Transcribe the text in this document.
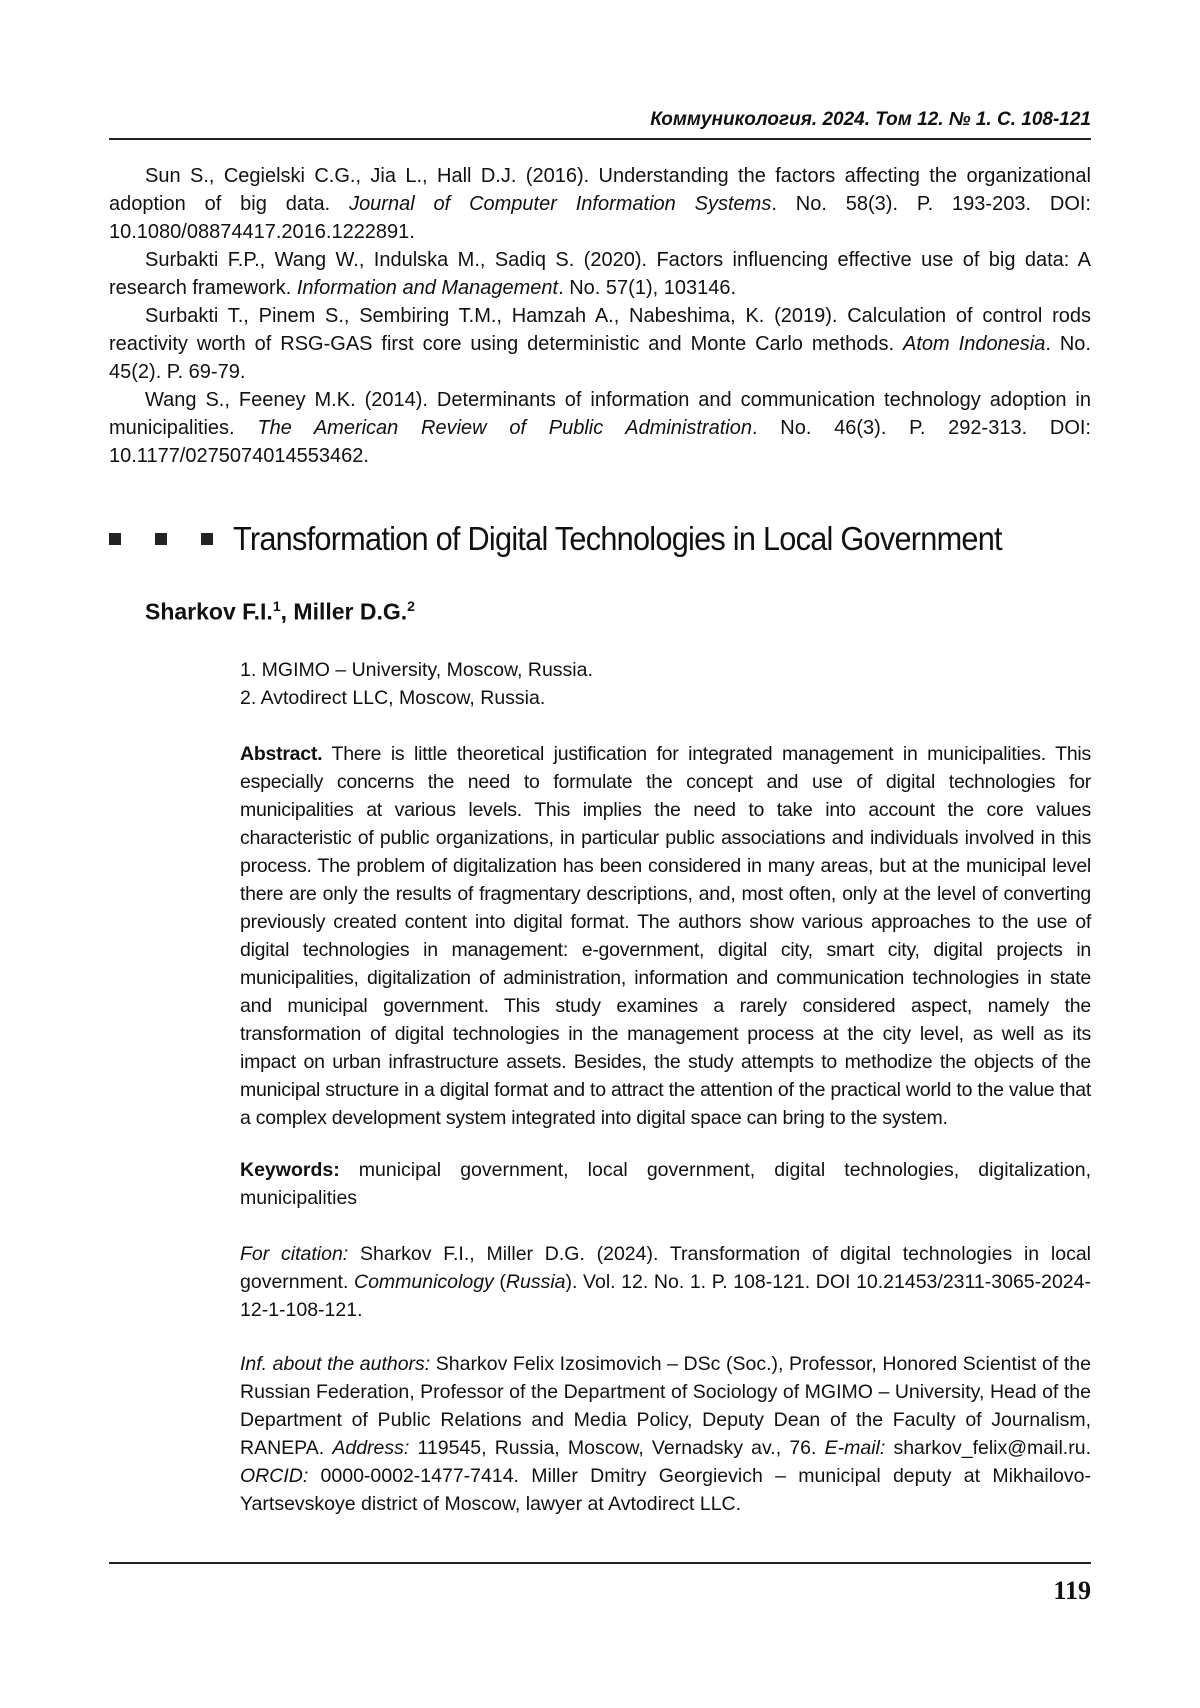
Коммуникология. 2024. Том 12. № 1. С. 108-121

Sun S., Cegielski C.G., Jia L., Hall D.J. (2016). Understanding the factors affecting the organizational adoption of big data. Journal of Computer Information Systems. No. 58(3). P. 193-203. DOI: 10.1080/08874417.2016.1222891.

Surbakti F.P., Wang W., Indulska M., Sadiq S. (2020). Factors influencing effective use of big data: A research framework. Information and Management. No. 57(1), 103146.

Surbakti T., Pinem S., Sembiring T.M., Hamzah A., Nabeshima, K. (2019). Calculation of control rods reactivity worth of RSG-GAS first core using deterministic and Monte Carlo methods. Atom Indonesia. No. 45(2). P. 69-79.

Wang S., Feeney M.K. (2014). Determinants of information and communication technology adoption in municipalities. The American Review of Public Administration. No. 46(3). P. 292-313. DOI: 10.1177/0275074014553462.

Transformation of Digital Technologies in Local Government
Sharkov F.I.$^1$, Miller D.G.$^2$

1. MGIMO – University, Moscow, Russia.

2. Avtodirect LLC, Moscow, Russia.

Abstract. There is little theoretical justification for integrated management in municipalities. This especially concerns the need to formulate the concept and use of digital technologies for municipalities at various levels. This implies the need to take into account the core values characteristic of public organizations, in particular public associations and individuals involved in this process. The problem of digitalization has been considered in many areas, but at the municipal level there are only the results of fragmentary descriptions, and, most often, only at the level of converting previously created content into digital format. The authors show various approaches to the use of digital technologies in management: e-government, digital city, smart city, digital projects in municipalities, digitalization of administration, information and communication technologies in state and municipal government. This study examines a rarely considered aspect, namely the transformation of digital technologies in the management process at the city level, as well as its impact on urban infrastructure assets. Besides, the study attempts to methodize the objects of the municipal structure in a digital format and to attract the attention of the practical world to the value that a complex development system integrated into digital space can bring to the system.

Keywords: municipal government, local government, digital technologies, digitalization, municipalities

For citation: Sharkov F.I., Miller D.G. (2024). Transformation of digital technologies in local government. Communicology (Russia). Vol. 12. No. 1. P. 108-121. DOI 10.21453/2311-3065-2024-12-1-108-121.

Inf. about the authors: Sharkov Felix Izosimovich – DSc (Soc.), Professor, Honored Scientist of the Russian Federation, Professor of the Department of Sociology of MGIMO – University, Head of the Department of Public Relations and Media Policy, Deputy Dean of the Faculty of Journalism, RANEPA. Address: 119545, Russia, Moscow, Vernadsky av., 76. E-mail: sharkov_felix@mail.ru. ORCID: 0000-0002-1477-7414. Miller Dmitry Georgievich – municipal deputy at Mikhailovo-Yartsevskoye district of Moscow, lawyer at Avtodirect LLC.

119
